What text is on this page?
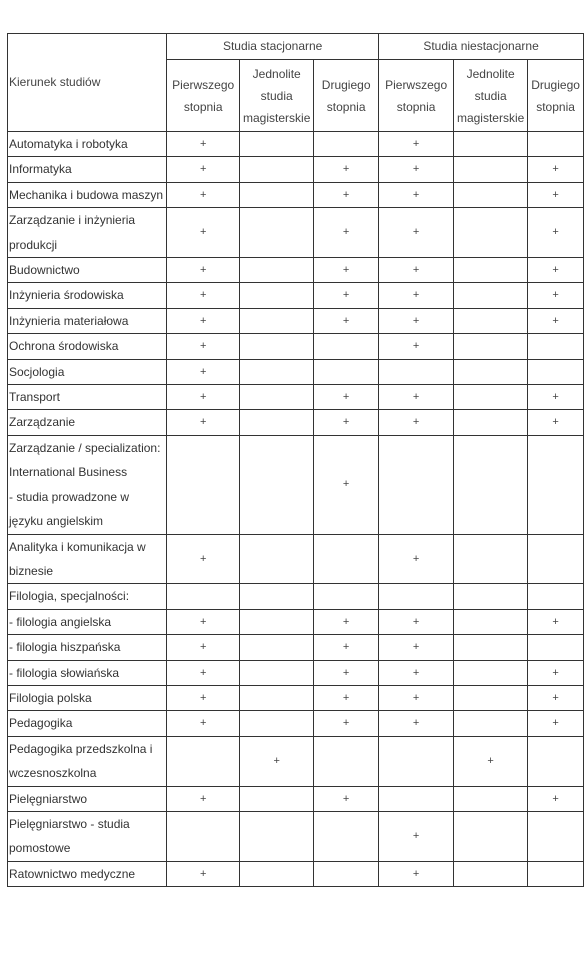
Kierunek studiów	Studia stacjonarne			Studia niestacjonarne		
	Pierwszego stopnia	Jednolite studia magisterskie	Drugiego stopnia	Pierwszego stopnia	Jednolite studia magisterskie	Drugiego stopnia
Automatyka i robotyka	+			+		
Informatyka	+		+	+		+
Mechanika i budowa maszyn	+		+	+		+
Zarządzanie i inżynieria produkcji	+		+	+		+
Budownictwo	+		+	+		+
Inżynieria środowiska	+		+	+		+
Inżynieria materiałowa	+		+	+		+
Ochrona środowiska	+			+		
Socjologia	+					
Transport	+		+	+		+
Zarządzanie	+		+	+		+
Zarządzanie / specialization: International Business
- studia prowadzone w języku angielskim			+			
Analityka i komunikacja w biznesie	+			+		
Filologia, specjalności:						
- filologia angielska	+		+	+		+
- filologia hiszpańska	+		+	+		
- filologia słowiańska	+		+	+		+
Filologia polska	+		+	+		+
Pedagogika	+		+	+		+
Pedagogika przedszkolna i wczesnoszkolna		+			+	
Pielęgniarstwo	+		+			+
Pielęgniarstwo - studia pomostowe				+		
Ratownictwo medyczne	+			+		
